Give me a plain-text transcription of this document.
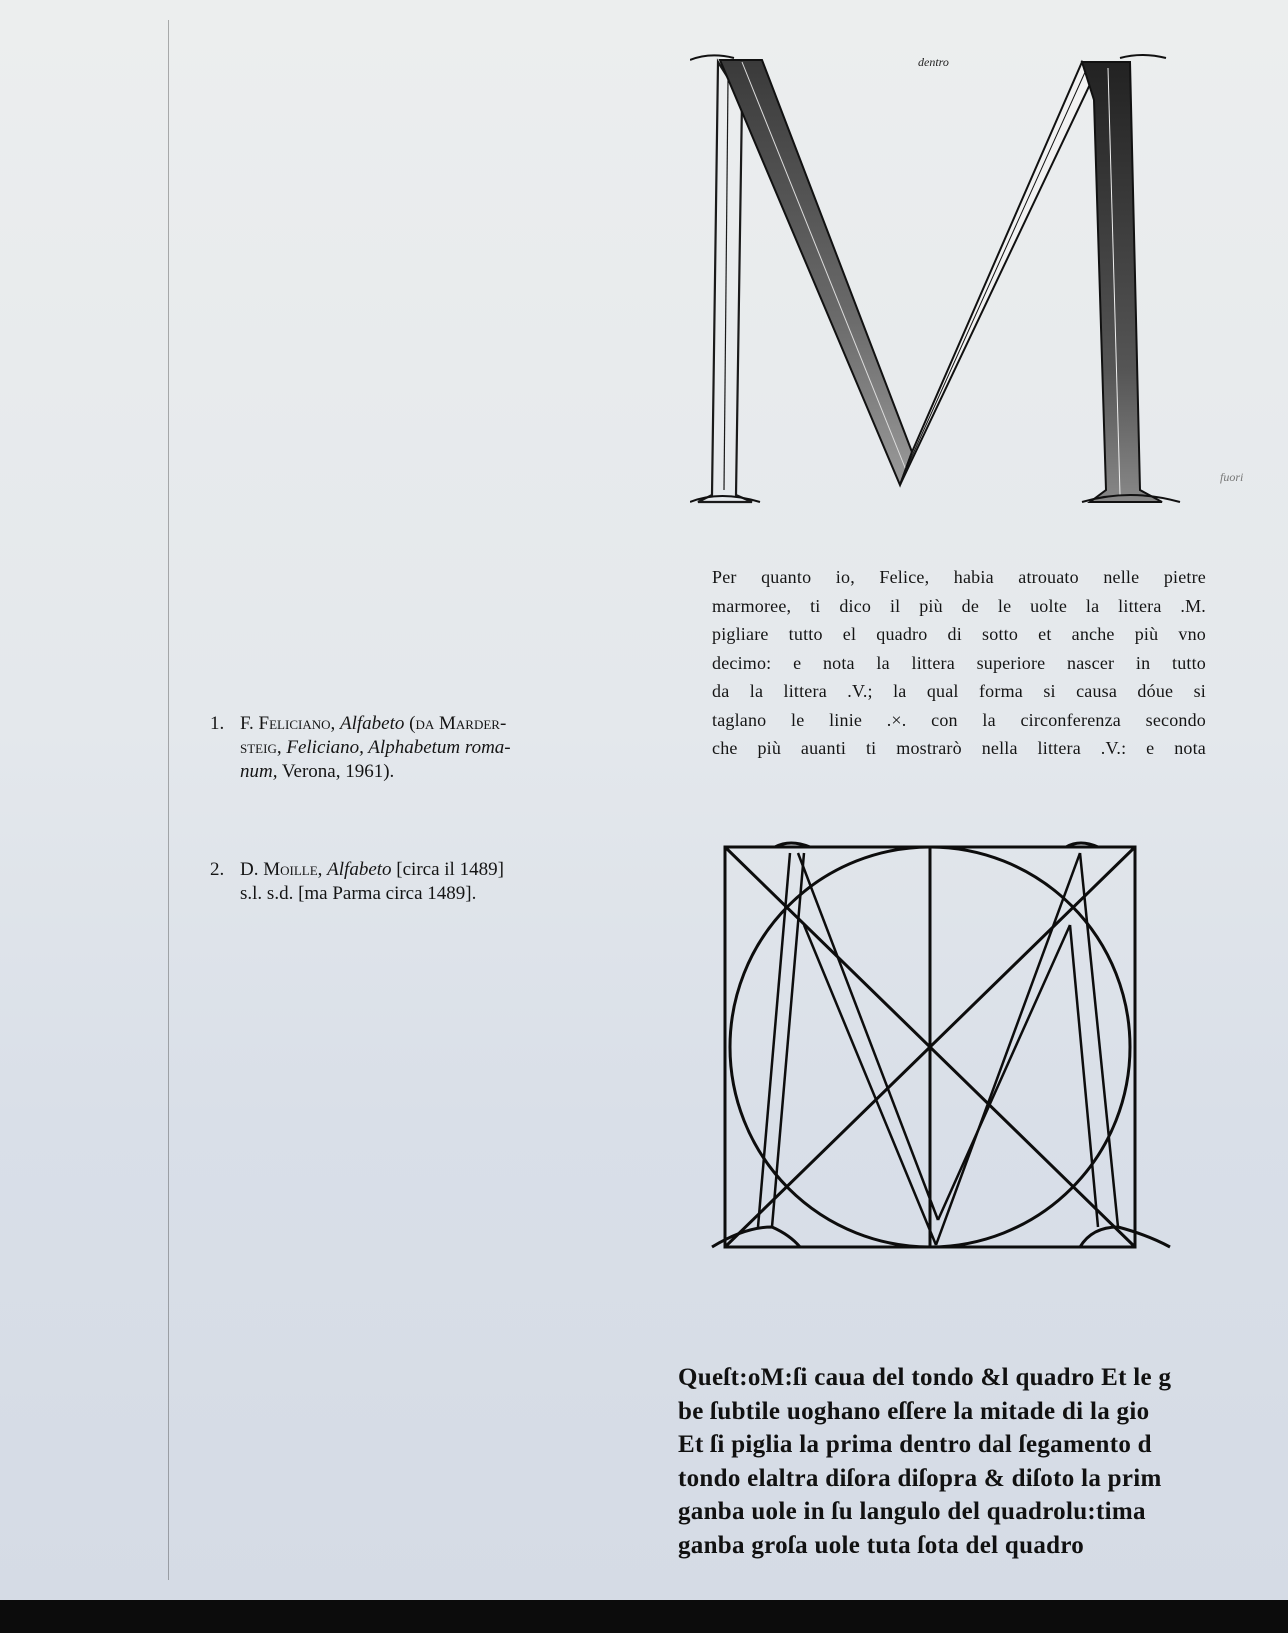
dentro
fuori
Per quanto io, Felice, habia atrouato nelle pietre
marmoree, ti dico il più de le uolte la littera .M.
pigliare tutto el quadro di sotto et anche più vno
decimo: e nota la littera superiore nascer in tutto
da la littera .V.; la qual forma si causa dóue si
taglano le linie .×. con la circonferenza secondo
che più auanti ti mostrarò nella littera .V.: e nota
1. F. Feliciano, Alfabeto (da Marder-
steig, Feliciano, Alphabetum roma-
num, Verona, 1961).
2. D. Moille, Alfabeto [circa il 1489]
s.l. s.d. [ma Parma circa 1489].
Queſt:oM:ſi caua del tondo &l quadro Et le g
be ſubtile uoghano eſſere la mitade di la gio
Et ſi piglia la prima dentro dal ſegamento d
tondo elaltra diſora diſopra & diſoto la prim
ganba uole in ſu langulo del quadrolu:tima
ganba groſa uole tuta ſota del quadro
